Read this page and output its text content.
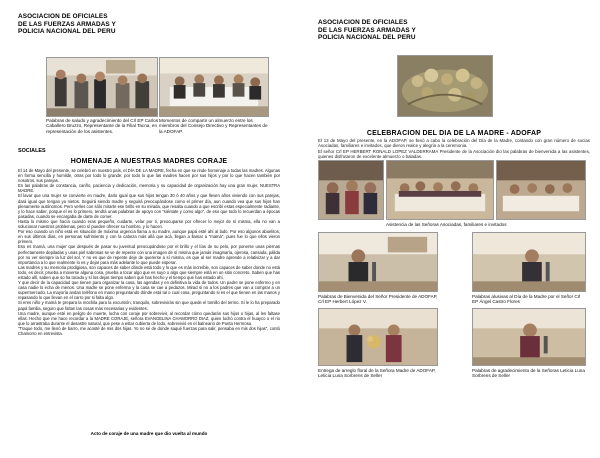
ASOCIACION DE OFICIALES
DE LAS FUERZAS ARMADAS Y
POLICIA NACIONAL DEL PERU
Palabras de saludo y agradecimiento del Crl EP Carlos Caballero Bruzzo, Representante de la Filial Tacna, en representación de los asistentes.
Momentos de compartir un almuerzo entre los miembros del Consejo Directivo y Representantes de la ADOFAP.
SOCIALES
HOMENAJE A NUESTRAS MADRES CORAJE

El 14 de Mayo del presente, se celebró en nuestro país, el DÍA DE LA MADRE, fecha en que se rinde homenaje a todas las madres. Algunas en forma sencilla y humilde, otras por todo lo grande; por todo lo que las madres hacen por sus hijos y por lo que hacen también por nosotros, sus parejas.

En las palabras de constancia, cariño, paciencia y dedicación, memoria y su capacidad de organización hay una gran mujer, NUESTRA MADRE.

El lavar que una mujer se convierte en madre, darlo igual que sus hijos tengan 30 ó 40 años y que lleven años viviendo con sus parejas, dará igual que tengan ya nietos. Seguirá siendo madre y seguirá preocupándose como el primer día, aun cuando vea que sus hijos han plenamente autónomos. Pero verles con sólo mirarte ese brillo en su mirada, que resalta cuando a que escribí estas especialmente radiante, y lo hace saber, porque el es lo primero, tendrá unas palabras de apoyo con "siéntate y como algo", de eso que todo lo recuerdan a épocas pasadas, cuando se encargaba de darte de comer.

Hasta lo mismo que hacía cuando eras pequeño, cuidarte, velar por ti, preocuparse por ofrecer lo mejor de sí misma, ella no van a solucionar nuestros problemas, pero sí pueden ofrecer su hombro, y lo hacen.

Por eso cuando un niño está en situación de máxima urgencia llama a su madre, aunque papá esté ahí al lado. Por eso algunos abuelitos, en sus últimos días, en personas sufrimiento y con la cabeza más allá que acá, llegan a llamar a "mamá", pues fue lo que ellos vieron primero.

Eso es mamá, una mujer que después de pasar su juventud preocupándose por el brillo y el lías de su pelo, por ponerse unas piernas perfectamente depiladas y unas piel sabrosas se ve de repente con una imagen de sí misma que jamás imaginaría, ojerosa, cansada, pálida por no ver siempre la luz del sol, Y no es que de repente deje de quererse a sí misma, es que al ser madre aprende a relativizar y a dar importancia a lo que realmente lo es y dejar para más adelante lo que puede esperar.

Las madres y su memoria prodigiosa, son capaces de saber dónde está todo y lo que es más increíble, son capaces de saber donde no está todo, es decir, prueba a moverse alguna cosa, prueba a tocar algo que es suyo o algo que siempre está en un sitio concreto. Saben que has estado allí, saben que so ha tocado y sí los dejas tiempo saben qué has hecho y el tiempo que has estado ahí.

Y que decir de la capacidad que tienen para organizar la casa, las agendas y en definitiva la vida de todos. Un padre se pone enfermo y en casa nadie lo echa de menos. Una madre se pone enferma y la casa se cae a pedazos. Mirad si no a los padres que van a comprar a un supermercado. La mayoría andan teléfono en mano preguntando dónde está tal o cual cosa, preguntando si es el que tienen en las manos y repasando lo que llevan en el carro por si falta algo.

Si eres niño y mamá te prepara la mochila para la excursión, tranquilo, sobrevivirás sin que quede el tomillo del termo. Si le lo ha preparado papá familia, seguro que faltan las cosas más necesarias y evidentes.

Una madre, aunque esté en peligro de muerte, lucha con coraje por sobrevivir, al recordar cómo quedarán sus hijos o hijas, al les faltase ellas. Hecho que me hace recordar a la MADRE CORAJE, señora EVANGELINA CHAMORRO DIAZ, quien luchó contra el huayco o el rio que lo arrastraba durante el desastre natural, que pese a estar cubierta de lodo, sobrevivió en el balneario de Punta Hermosa.

"Traque todo, me llenó de barro, me acosté de mis dos hijas. Yo no sé de donde saqué fuerzas para salir, pensaba en mis dos hijas", contó Chamorro en entrevista.

Acto de coraje de una madre que dio vuelta al mundo
ASOCIACION DE OFICIALES
DE LAS FUERZAS ARMADAS Y
POLICIA NACIONAL DEL PERU
CELEBRACION DEL DIA DE LA MADRE - ADOFAP

El 13 de Mayo del presente, en la ADOFAP, se llevó a cabo la celebración del Día de la Madre, contando con gran número de socias Asociadas, familiares e invitados, que dieron realce y alegría a la ceremonia.

El señor Crl EP HERBERT RONALD LOPEZ VALDERRAMA Presidente de la Asociación dio las palabras de bienvenida a las asistentes, quienes disfrutaron de excelente almuerzo o baladas.

Asistencia de las Señoras Asociadas, familiares e invitados
Palabras de Bienvenida del Señor Presidente de ADOFAP, Crl EP Herbert López V.
Palabras alusivas al Día de la Madre por el Señor Crl EP Ángel Castro Flores
Entrega de arreglo floral de la Señora Madre de ADOFAP, Leticia Luna Sorbrens de Seller
Palabras de agradecimiento de la Señoras Leticia Luna Sorbrens de Seller
